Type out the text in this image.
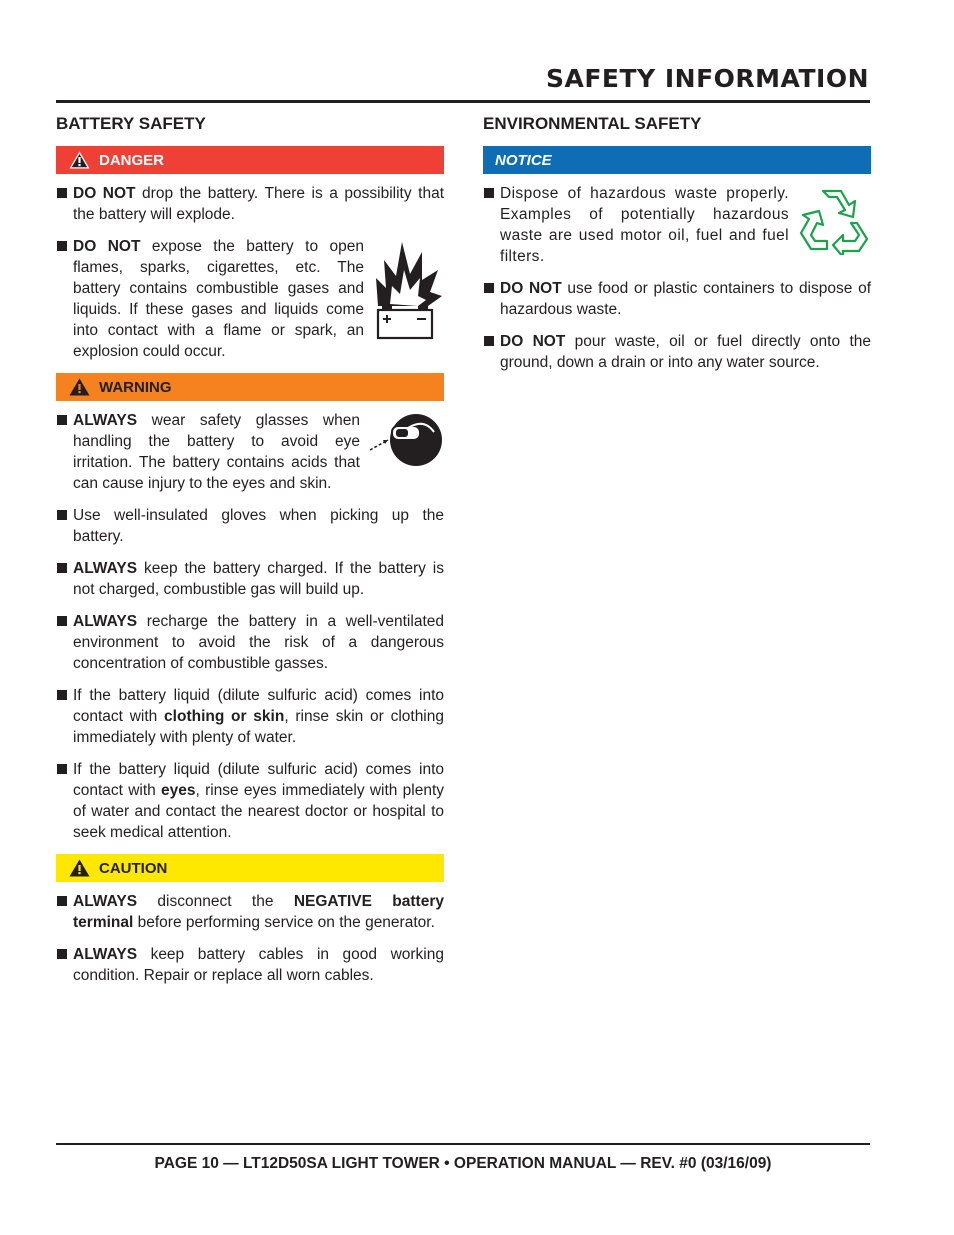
SAFETY INFORMATION
BATTERY SAFETY
DANGER
DO NOT drop the battery. There is a possibility that the battery will explode.
DO NOT expose the battery to open flames, sparks, cigarettes, etc. The battery contains combustible gases and liquids. If these gases and liquids come into contact with a flame or spark, an explosion could occur.
WARNING
ALWAYS wear safety glasses when handling the battery to avoid eye irritation. The battery contains acids that can cause injury to the eyes and skin.
Use well-insulated gloves when picking up the battery.
ALWAYS keep the battery charged. If the battery is not charged, combustible gas will build up.
ALWAYS recharge the battery in a well-ventilated environment to avoid the risk of a dangerous concentration of combustible gasses.
If the battery liquid (dilute sulfuric acid) comes into contact with clothing or skin, rinse skin or clothing immediately with plenty of water.
If the battery liquid (dilute sulfuric acid) comes into contact with eyes, rinse eyes immediately with plenty of water and contact the nearest doctor or hospital to seek medical attention.
CAUTION
ALWAYS disconnect the NEGATIVE battery terminal before performing service on the generator.
ALWAYS keep battery cables in good working condition. Repair or replace all worn cables.
ENVIRONMENTAL SAFETY
NOTICE
Dispose of hazardous waste properly. Examples of potentially hazardous waste are used motor oil, fuel and fuel filters.
DO NOT use food or plastic containers to dispose of hazardous waste.
DO NOT pour waste, oil or fuel directly onto the ground, down a drain or into any water source.
PAGE 10 — LT12D50SA LIGHT TOWER • OPERATION MANUAL — REV. #0 (03/16/09)
